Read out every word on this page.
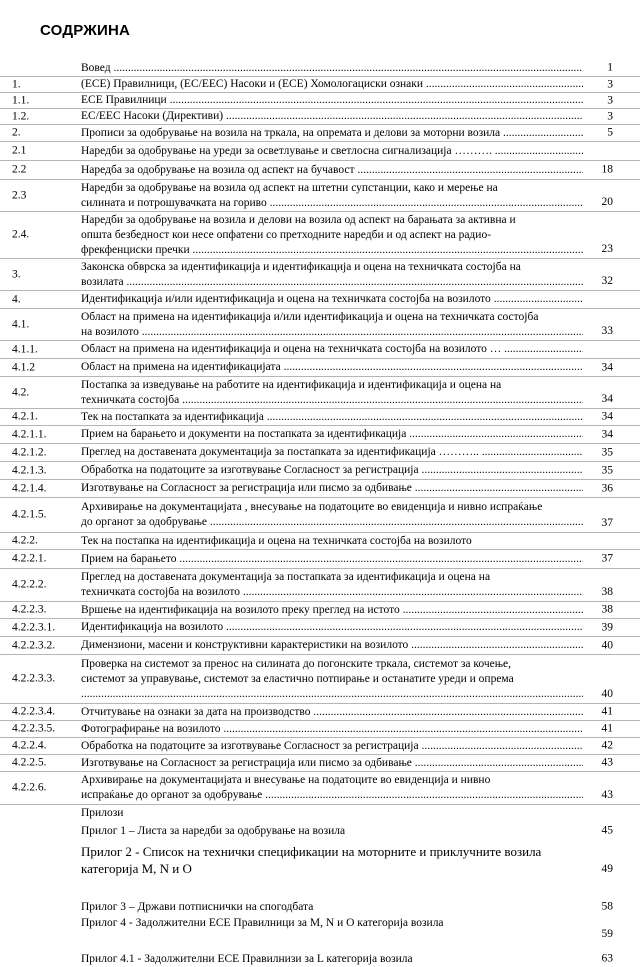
СОДРЖИНА
Вовед .....	1
1.	(ECE) Правилници, (EC/EEC) Насоки и (ECE) Хомологациски ознаки .....	3
1.1.	ECE Правилници .....	3
1.2.	EC/EEC Насоки (Директиви) .....	3
2.	Прописи за одобрување на возила на тркала, на опремата и делови за моторни возила .....	5
2.1	Наредби за одобрување на уреди за осветлување и светлосна сигнализација ………. .....
2.2	Наредба за одобрување на возила од аспект на бучавост .....	18
2.3
Наредби за одобрување на возила од аспект на штетни супстанции, како и мерење на
силината и потрошувачката на гориво .....	20
2.4.
Наредби за одобрување на возила и делови на возила од аспект на барањата за активна и
општа безбедност кои несе опфатени со претходните наредби и од аспект на радио-
фрекфенциски пречки .....	23
3.
Законска обврска за идентификација и идентификација и оцена на техничката состојба на
возилата .....	32
4.	Идентификација и/или идентификација и оцена на техничката состојба на возилото .....
4.1.
Област на примена на идентификација и/или идентификација и оцена на техничката состојба
на возилото .....	33
4.1.1.	Област на примена на идентификација и оцена на техничката состојба на возилото … .....
4.1.2	Област на примена на идентификацијата .....	34
4.2.
Постапка за изведување на работите на идентификација и идентификација и оцена на
техничката состојба .....	34
4.2.1.	Тек на постапката за идентификација .....	34
4.2.1.1.	Прием на барањето и документи на постапката за идентификација .....	34
4.2.1.2.	Преглед на доставената документација за постапката за идентификација ……….. .....	35
4.2.1.3.	Обработка на податоците за изготвување Согласност за регистрација .....	35
4.2.1.4.	Изготвување на Согласност за регистрација или писмо за одбивање .....	36
4.2.1.5.
Архивирање на документацијата , внесување на податоците во евиденција и нивно испраќање
до органот за одобрување .....	37
4.2.2.	Тек на постапка на идентификација и оцена на техничката состојба на возилото
4.2.2.1.	Прием на барањето .....	37
4.2.2.2.
Преглед на доставената документација за постапката за идентификација и оцена на
техничката состојба на возилото .....	38
4.2.2.3.	Вршење на идентификација на возилото преку преглед на истото .....	38
4.2.2.3.1. Идентификација на возилото .....	39
4.2.2.3.2. Димензиони, масени и конструктивни карактеристики на возилото .....	40
4.2.2.3.3.
Проверка на системот за пренос на силината до погонските тркала, системот за кочење,
системот за управување, системот за еластично потпирање и останатите уреди и опрема
.....
40
4.2.2.3.4. Отчитување на ознаки за дата на производство .....	41
4.2.2.3.5. Фотографирање на возилото .....	41
4.2.2.4.	Обработка на податоците за изготвување Согласност за регистрација .....	42
4.2.2.5.	Изготвување на Согласност за регистрација или писмо за одбивање .....	43
4.2.2.6.
Архивирање на документацијата и внесување на податоците во евиденција и нивно
испраќање до органот за одобрување .....	43
Прилози
Прилог 1 – Листа за наредби за одобрување на возила	45
Прилог 2 - Список на технички спецификации на моторните и приклучните возила
категорија M, N и O	49
Прилог 3 – Држави потписнички на спогодбата	58
Прилог 4 - Задолжителни ECE Правилници за M, N и O категорија возила
59
Прилог 4.1 - Задолжителни ECE Правилнизи за L категорија возила	63
